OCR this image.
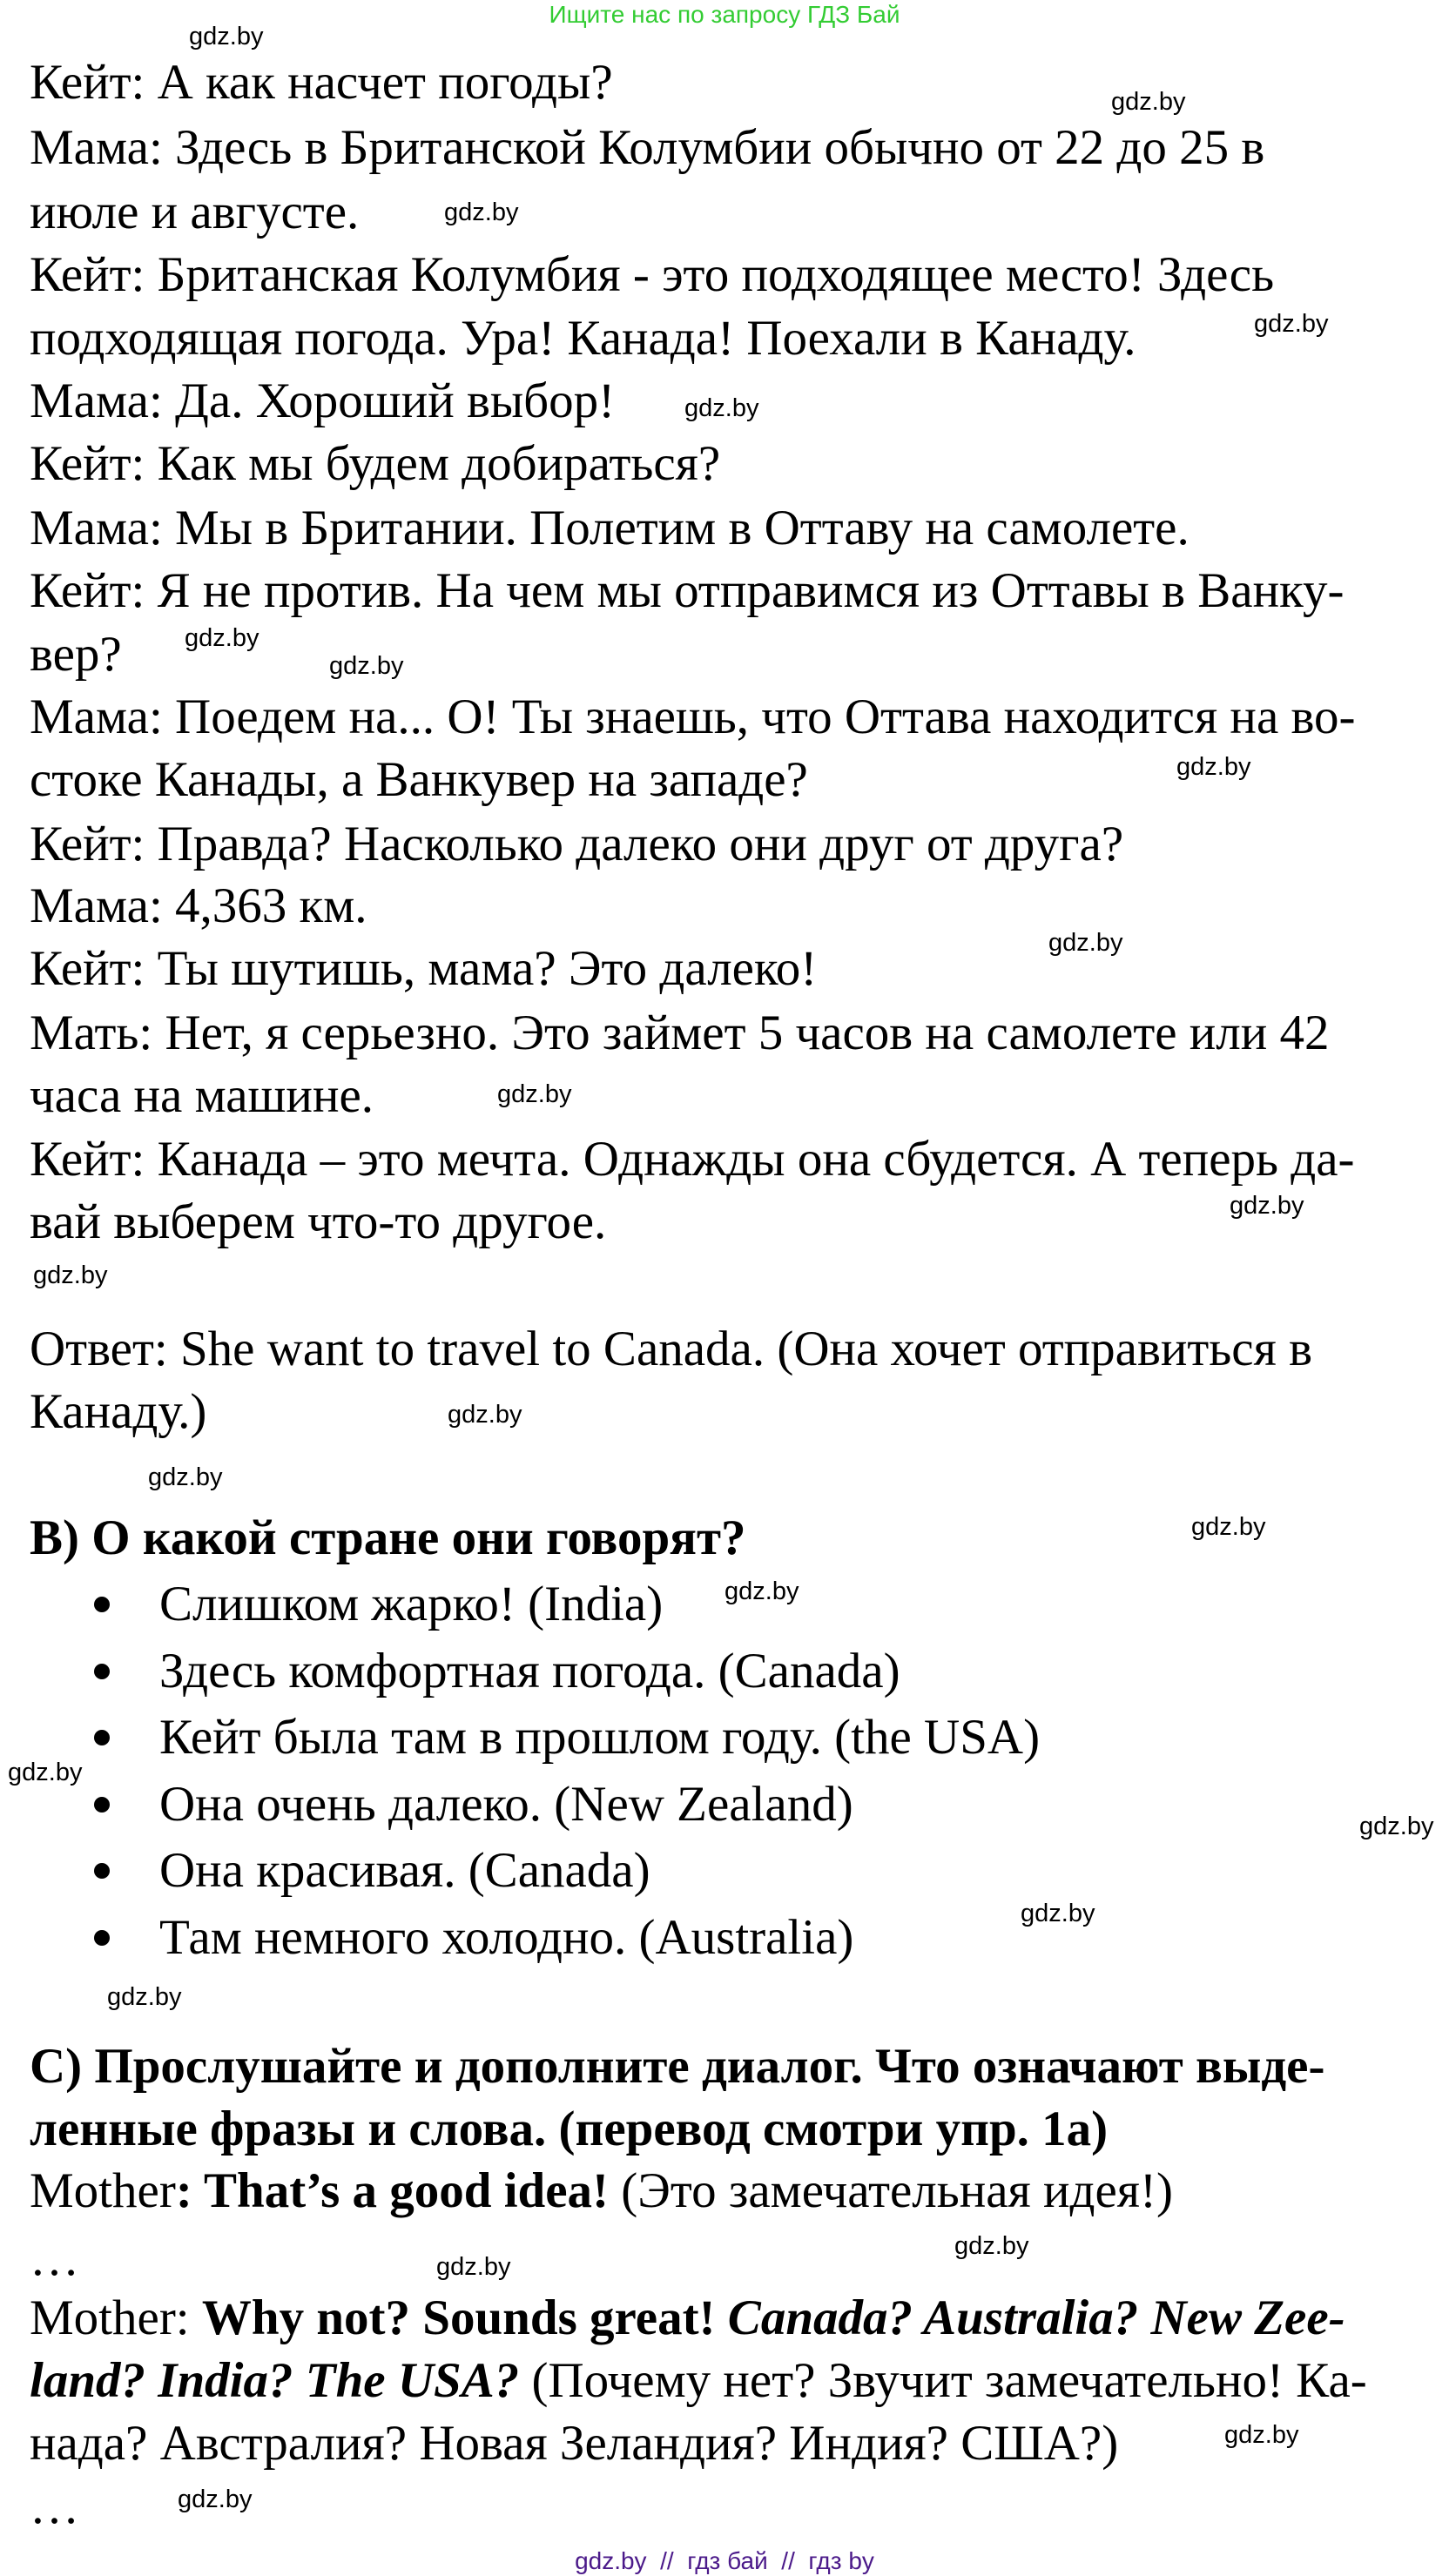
Ищите нас по запросу ГДЗ Бай
Кейт: А как насчет погоды?
Мама: Здесь в Британской Колумбии обычно от 22 до 25 в
июле и августе.
Кейт: Британская Колумбия - это подходящее место! Здесь
подходящая погода. Ура! Канада! Поехали в Канаду.
Мама: Да. Хороший выбор!
Кейт: Как мы будем добираться?
Мама: Мы в Британии. Полетим в Оттаву на самолете.
Кейт: Я не против. На чем мы отправимся из Оттавы в Ванку-
вер?
Мама: Поедем на... О! Ты знаешь, что Оттава находится на во-
стоке Канады, а Ванкувер на западе?
Кейт: Правда? Насколько далеко они друг от друга?
Мама: 4,363 км.
Кейт: Ты шутишь, мама? Это далеко!
Мать: Нет, я серьезно. Это займет 5 часов на самолете или 42
часа на машине.
Кейт: Канада – это мечта. Однажды она сбудется. А теперь да-
вай выберем что-то другое.
Ответ: She want to travel to Canada. (Она хочет отправиться в
Канаду.)
B) О какой стране они говорят?
Слишком жарко! (India)
Здесь комфортная погода. (Canada)
Кейт была там в прошлом году. (the USA)
Она очень далеко. (New Zealand)
Она красивая. (Canada)
Там немного холодно. (Australia)
C) Прослушайте и дополните диалог. Что означают выде-
ленные фразы и слова. (перевод смотри упр. 1а)
Mother: That’s a good idea! (Это замечательная идея!)
…
Mother: Why not? Sounds great! Canada? Australia? New Zee-
land? India? The USA? (Почему нет? Звучит замечательно! Ка-
нада? Австралия? Новая Зеландия? Индия? США?)
…
gdz.by
gdz.by
gdz.by
gdz.by
gdz.by
gdz.by
gdz.by
gdz.by
gdz.by
gdz.by
gdz.by
gdz.by
gdz.by
gdz.by
gdz.by
gdz.by
gdz.by
gdz.by
gdz.by
gdz.by
gdz.by
gdz.by
gdz.by
gdz.by
gdz.by  //  гдз бай  //  гдз by
